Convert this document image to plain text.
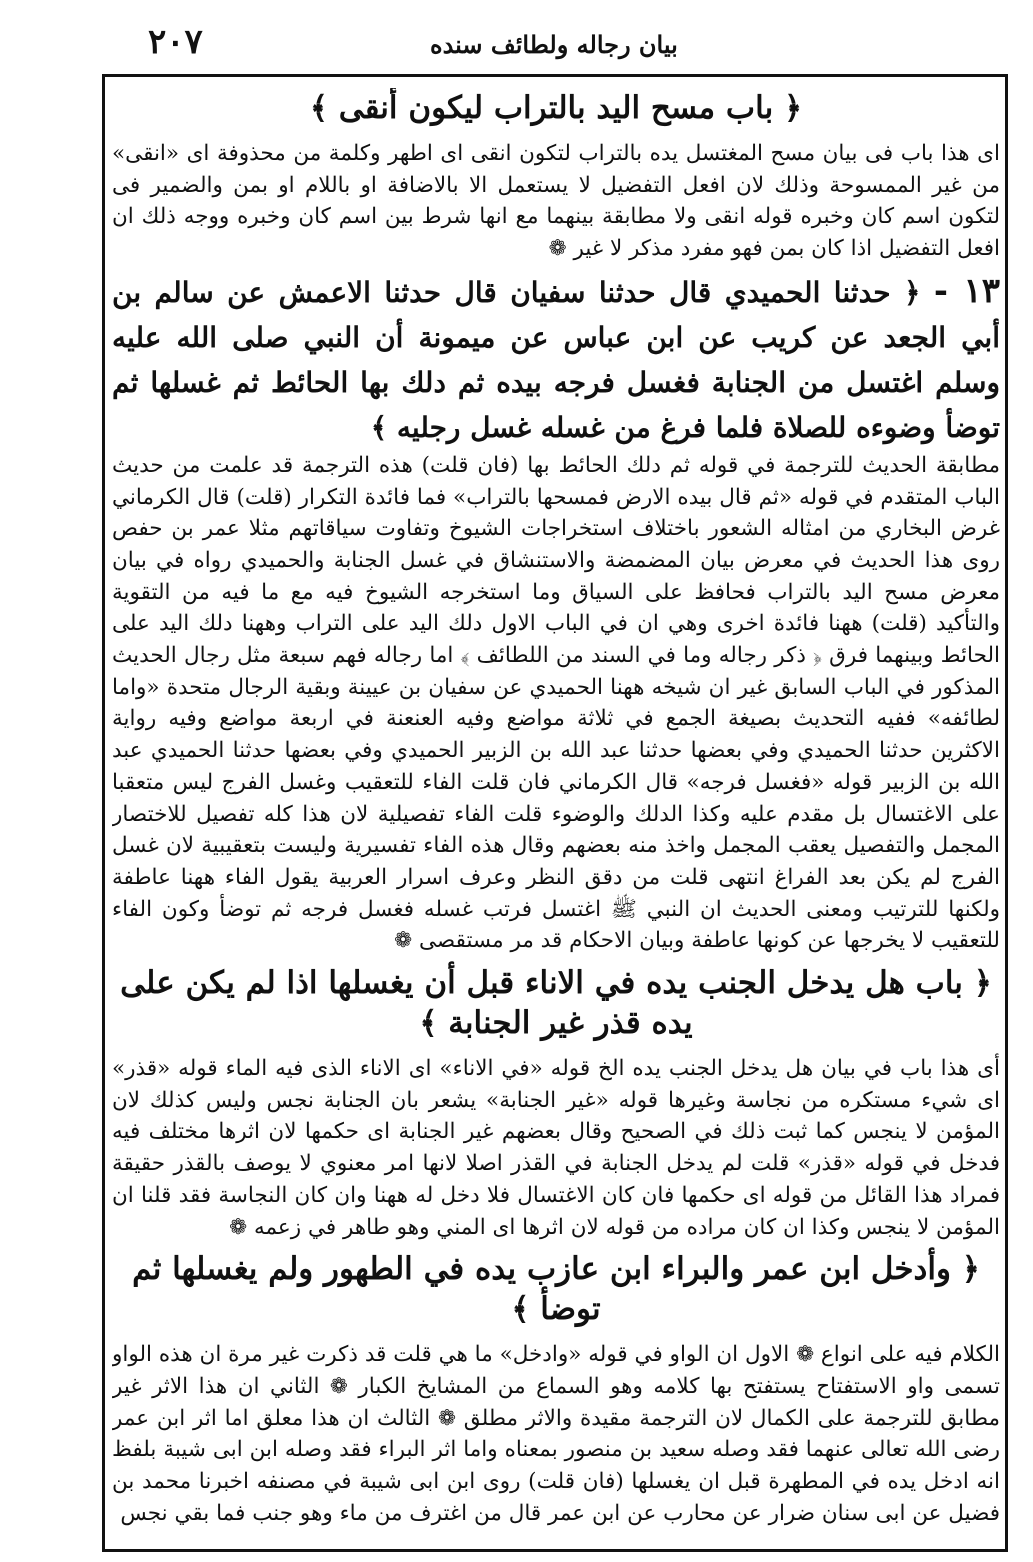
٢٠٧	بيان رجاله ولطائف سنده
﴿ باب مسح اليد بالتراب ليكون أنقى ﴾

اى هذا باب فى بيان مسح المغتسل يده بالتراب لتكون انقى اى اطهر وكلمة من محذوفة اى «انقى» من غير الممسوحة وذلك لان افعل التفضيل لا يستعمل الا بالاضافة او باللام او بمن والضمير فى لتكون اسم كان وخبره قوله انقى ولا مطابقة بينهما مع انها شرط بين اسم كان وخبره ووجه ذلك ان افعل التفضيل اذا كان بمن فهو مفرد مذكر لا غير ❁

١٣ - ﴿ حدثنا الحميدي قال حدثنا سفيان قال حدثنا الاعمش عن سالم بن أبي الجعد عن كريب عن ابن عباس عن ميمونة أن النبي صلى الله عليه وسلم اغتسل من الجنابة فغسل فرجه بيده ثم دلك بها الحائط ثم غسلها ثم توضأ وضوءه للصلاة فلما فرغ من غسله غسل رجليه ﴾

مطابقة الحديث للترجمة في قوله ثم دلك الحائط بها (فان قلت) هذه الترجمة قد علمت من حديث الباب المتقدم في قوله «ثم قال بيده الارض فمسحها بالتراب» فما فائدة التكرار (قلت) قال الكرماني غرض البخاري من امثاله الشعور باختلاف استخراجات الشيوخ وتفاوت سياقاتهم مثلا عمر بن حفص روى هذا الحديث في معرض بيان المضمضة والاستنشاق في غسل الجنابة والحميدي رواه في بيان معرض مسح اليد بالتراب فحافظ على السياق وما استخرجه الشيوخ فيه مع ما فيه من التقوية والتأكيد (قلت) ههنا فائدة اخرى وهي ان في الباب الاول دلك اليد على التراب وههنا دلك اليد على الحائط وبينهما فرق ﴿ ذكر رجاله وما في السند من اللطائف ﴾ اما رجاله فهم سبعة مثل رجال الحديث المذكور في الباب السابق غير ان شيخه ههنا الحميدي عن سفيان بن عيينة وبقية الرجال متحدة «واما لطائفه» ففيه التحديث بصيغة الجمع في ثلاثة مواضع وفيه العنعنة في اربعة مواضع وفيه رواية الاكثرين حدثنا الحميدي وفي بعضها حدثنا عبد الله بن الزبير الحميدي وفي بعضها حدثنا الحميدي عبد الله بن الزبير قوله «فغسل فرجه» قال الكرماني فان قلت الفاء للتعقيب وغسل الفرج ليس متعقبا على الاغتسال بل مقدم عليه وكذا الدلك والوضوء قلت الفاء تفصيلية لان هذا كله تفصيل للاختصار المجمل والتفصيل يعقب المجمل واخذ منه بعضهم وقال هذه الفاء تفسيرية وليست بتعقيبية لان غسل الفرج لم يكن بعد الفراغ انتهى قلت من دقق النظر وعرف اسرار العربية يقول الفاء ههنا عاطفة ولكنها للترتيب ومعنى الحديث ان النبي ﷺ اغتسل فرتب غسله فغسل فرجه ثم توضأ وكون الفاء للتعقيب لا يخرجها عن كونها عاطفة وبيان الاحكام قد مر مستقصى ❁

﴿ باب هل يدخل الجنب يده في الاناء قبل أن يغسلها اذا لم يكن على يده قذر غير الجنابة ﴾

أى هذا باب في بيان هل يدخل الجنب يده الخ قوله «في الاناء» اى الاناء الذى فيه الماء قوله «قذر» اى شيء مستكره من نجاسة وغيرها قوله «غير الجنابة» يشعر بان الجنابة نجس وليس كذلك لان المؤمن لا ينجس كما ثبت ذلك في الصحيح وقال بعضهم غير الجنابة اى حكمها لان اثرها مختلف فيه فدخل في قوله «قذر» قلت لم يدخل الجنابة في القذر اصلا لانها امر معنوي لا يوصف بالقذر حقيقة فمراد هذا القائل من قوله اى حكمها فان كان الاغتسال فلا دخل له ههنا وان كان النجاسة فقد قلنا ان المؤمن لا ينجس وكذا ان كان مراده من قوله لان اثرها اى المني وهو طاهر في زعمه ❁

﴿ وأدخل ابن عمر والبراء ابن عازب يده في الطهور ولم يغسلها ثم توضأ ﴾

الكلام فيه على انواع ❁ الاول ان الواو في قوله «وادخل» ما هي قلت قد ذكرت غير مرة ان هذه الواو تسمى واو الاستفتاح يستفتح بها كلامه وهو السماع من المشايخ الكبار ❁ الثاني ان هذا الاثر غير مطابق للترجمة على الكمال لان الترجمة مقيدة والاثر مطلق ❁ الثالث ان هذا معلق اما اثر ابن عمر رضى الله تعالى عنهما فقد وصله سعيد بن منصور بمعناه واما اثر البراء فقد وصله ابن ابى شيبة بلفظ انه ادخل يده في المطهرة قبل ان يغسلها (فان قلت) روى ابن ابى شيبة في مصنفه اخبرنا محمد بن فضيل عن ابى سنان ضرار عن محارب عن ابن عمر قال من اغترف من ماء وهو جنب فما بقي نجس
